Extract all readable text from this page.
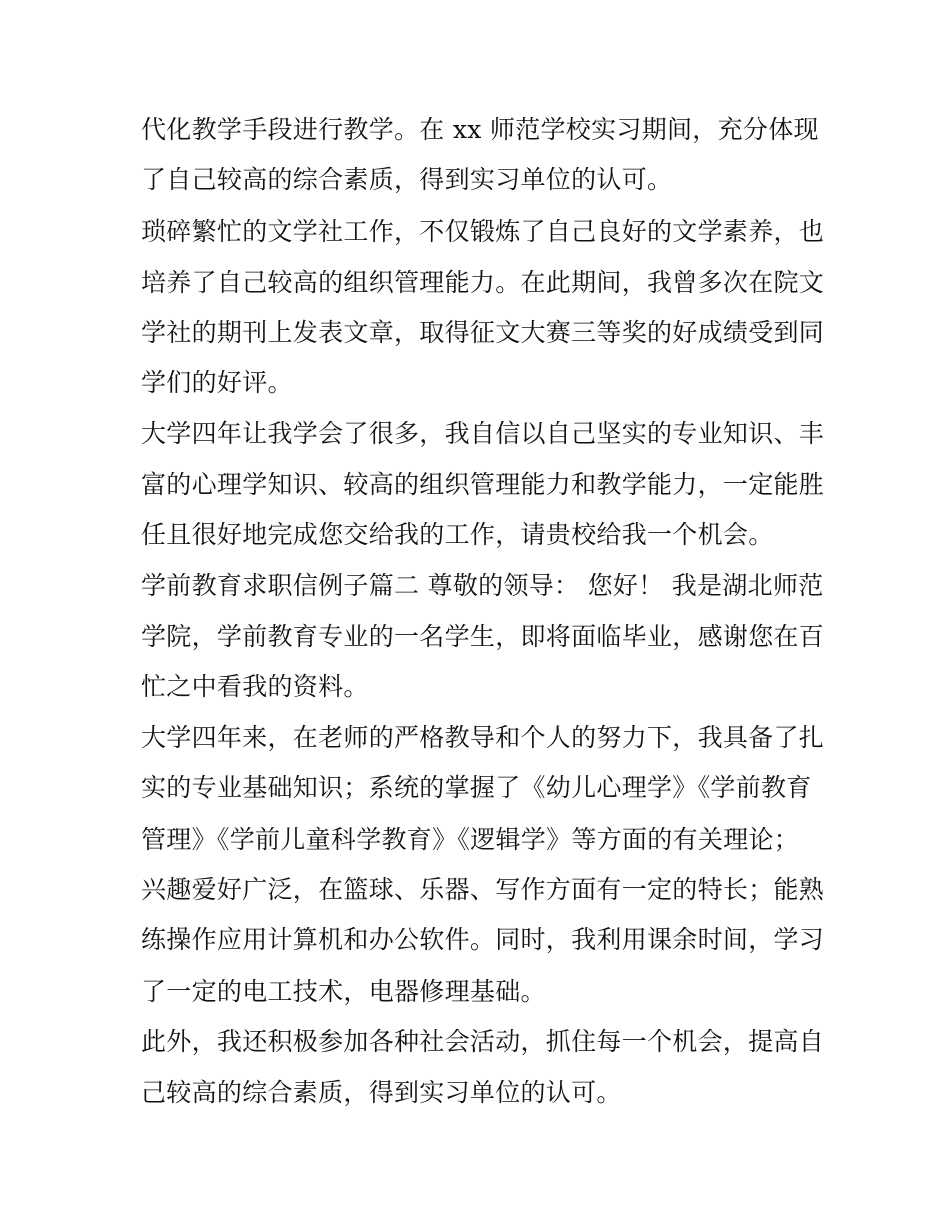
代化教学手段进行教学。在 xx 师范学校实习期间，充分体现
了自己较高的综合素质，得到实习单位的认可。
琐碎繁忙的文学社工作，不仅锻炼了自己良好的文学素养，也
培养了自己较高的组织管理能力。在此期间，我曾多次在院文
学社的期刊上发表文章，取得征文大赛三等奖的好成绩受到同
学们的好评。
大学四年让我学会了很多，我自信以自己坚实的专业知识、丰
富的心理学知识、较高的组织管理能力和教学能力，一定能胜
任且很好地完成您交给我的工作，请贵校给我一个机会。
学前教育求职信例子篇二 尊敬的领导： 您好！ 我是湖北师范
学院，学前教育专业的一名学生，即将面临毕业，感谢您在百
忙之中看我的资料。
大学四年来，在老师的严格教导和个人的努力下，我具备了扎
实的专业基础知识；系统的掌握了《幼儿心理学》《学前教育
管理》《学前儿童科学教育》《逻辑学》等方面的有关理论；
兴趣爱好广泛，在篮球、乐器、写作方面有一定的特长；能熟
练操作应用计算机和办公软件。同时，我利用课余时间，学习
了一定的电工技术，电器修理基础。
此外，我还积极参加各种社会活动，抓住每一个机会，提高自
己较高的综合素质，得到实习单位的认可。
